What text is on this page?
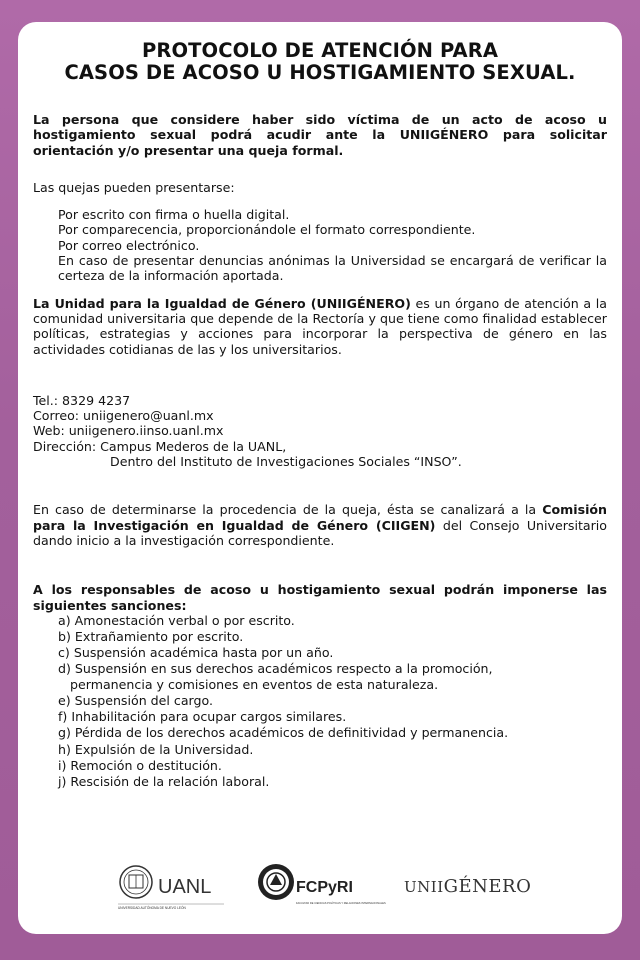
PROTOCOLO DE ATENCIÓN PARA
CASOS DE ACOSO U HOSTIGAMIENTO SEXUAL.

La persona que considere haber sido víctima de un acto de acoso u hostigamiento sexual podrá acudir ante la UNIIGÉNERO para solicitar orientación y/o presentar una queja formal.

Las quejas pueden presentarse:

Por escrito con firma o huella digital.
Por comparecencia, proporcionándole el formato correspondiente.
Por correo electrónico.
En caso de presentar denuncias anónimas la Universidad se encargará de verificar la certeza de la información aportada.

La Unidad para la Igualdad de Género (UNIIGÉNERO) es un órgano de atención a la comunidad universitaria que depende de la Rectoría y que tiene como finalidad establecer políticas, estrategias y acciones para incorporar la perspectiva de género en las actividades cotidianas de las y los universitarios.

Tel.: 8329 4237
Correo: uniigenero@uanl.mx
Web: uniigenero.iinso.uanl.mx
Dirección: Campus Mederos de la UANL,
Dentro del Instituto de Investigaciones Sociales “INSO”.

En caso de determinarse la procedencia de la queja, ésta se canalizará a la Comisión para la Investigación en Igualdad de Género (CIIGEN) del Consejo Universitario dando inicio a la investigación correspondiente.

A los responsables de acoso u hostigamiento sexual podrán imponerse las siguientes sanciones:

a) Amonestación verbal o por escrito.
b) Extrañamiento por escrito.
c) Suspensión académica hasta por un año.
d) Suspensión en sus derechos académicos respecto a la promoción,
permanencia y comisiones en eventos de esta naturaleza.
e) Suspensión del cargo.
f) Inhabilitación para ocupar cargos similares.
g) Pérdida de los derechos académicos de definitividad y permanencia.
h) Expulsión de la Universidad.
i) Remoción o destitución.
j) Rescisión de la relación laboral.
UANL
UNIVERSIDAD AUTÓNOMA DE NUEVO LEÓN
FCPyRI
FACULTAD DE CIENCIAS POLÍTICAS Y RELACIONES INTERNACIONALES
UNIIGÉNERO
